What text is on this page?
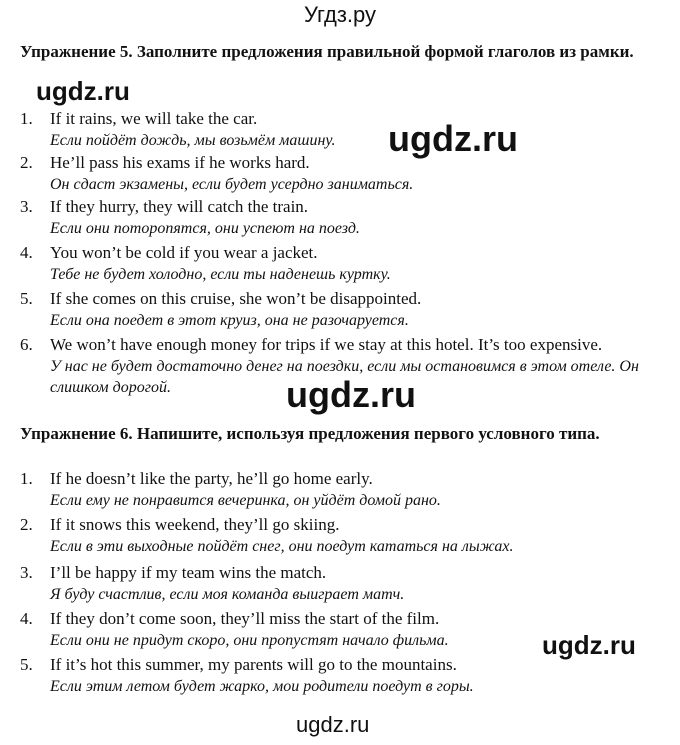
Угдз.ру
Упражнение 5. Заполните предложения правильной формой глаголов из рамки.
1. If it rains, we will take the car.
Если пойдёт дождь, мы возьмём машину.
2. He’ll pass his exams if he works hard.
Он сдаст экзамены, если будет усердно заниматься.
3. If they hurry, they will catch the train.
Если они поторопятся, они успеют на поезд.
4. You won’t be cold if you wear a jacket.
Тебе не будет холодно, если ты наденешь куртку.
5. If she comes on this cruise, she won’t be disappointed.
Если она поедет в этот круиз, она не разочаруется.
6. We won’t have enough money for trips if we stay at this hotel. It’s too expensive.
У нас не будет достаточно денег на поездки, если мы остановимся в этом отеле. Он слишком дорогой.
Упражнение 6. Напишите, используя предложения первого условного типа.
1. If he doesn’t like the party, he’ll go home early.
Если ему не понравится вечеринка, он уйдёт домой рано.
2. If it snows this weekend, they’ll go skiing.
Если в эти выходные пойдёт снег, они поедут кататься на лыжах.
3. I’ll be happy if my team wins the match.
Я буду счастлив, если моя команда выиграет матч.
4. If they don’t come soon, they’ll miss the start of the film.
Если они не придут скоро, они пропустят начало фильма.
5. If it’s hot this summer, my parents will go to the mountains.
Если этим летом будет жарко, мои родители поедут в горы.
ugdz.ru
ugdz.ru
ugdz.ru
ugdz.ru
ugdz.ru
